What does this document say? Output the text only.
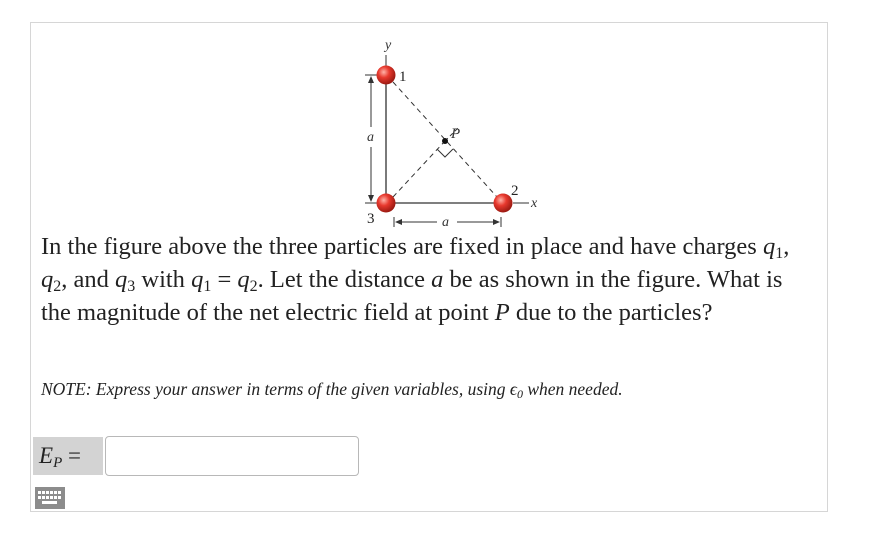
y
x
P
a
a
1
3
2

In the figure above the three particles are fixed in place and have charges $q_1$, $q_2$, and $q_3$ with $q_1 = q_2$. Let the distance a be as shown in the figure. What is the magnitude of the net electric field at point P due to the particles?

NOTE: Express your answer in terms of the given variables, using $\epsilon_0$ when needed.
$E_P$ =
